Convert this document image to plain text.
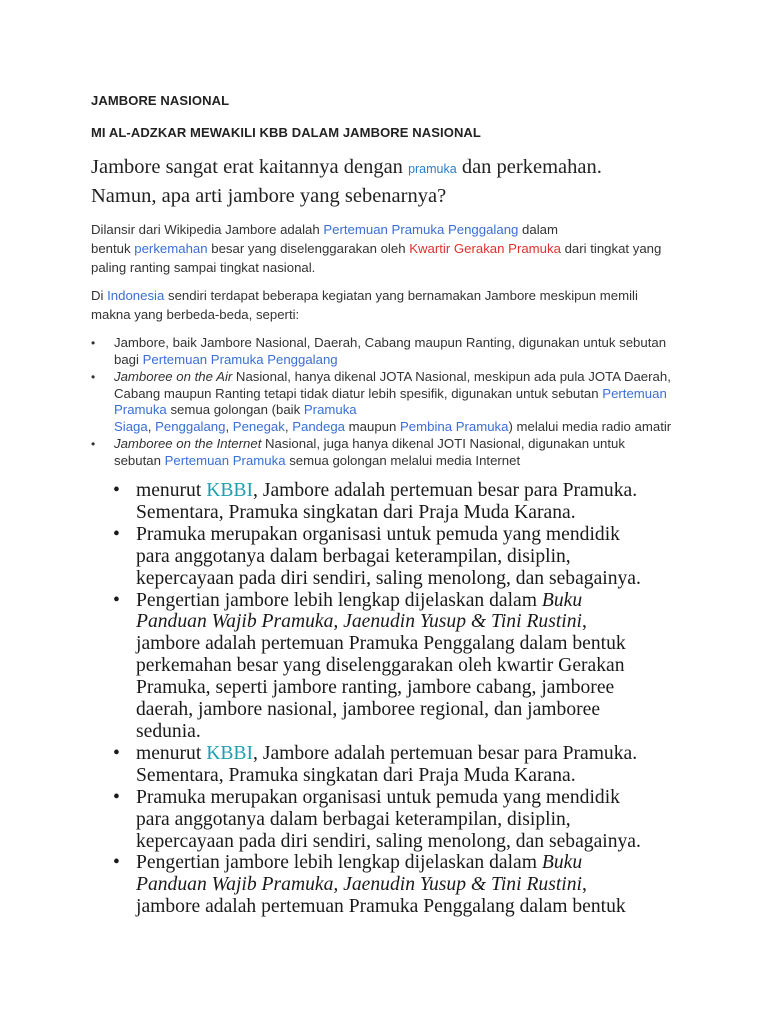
JAMBORE NASIONAL
MI AL-ADZKAR MEWAKILI KBB DALAM JAMBORE NASIONAL
Jambore sangat erat kaitannya dengan pramuka dan perkemahan.
Namun, apa arti jambore yang sebenarnya?
Dilansir dari Wikipedia Jambore adalah Pertemuan Pramuka Penggalang dalam
bentuk perkemahan besar yang diselenggarakan oleh Kwartir Gerakan Pramuka dari tingkat yang
paling ranting sampai tingkat nasional.
Di Indonesia sendiri terdapat beberapa kegiatan yang bernamakan Jambore meskipun memili
makna yang berbeda-beda, seperti:
• Jambore, baik Jambore Nasional, Daerah, Cabang maupun Ranting, digunakan untuk sebutan
bagi Pertemuan Pramuka Penggalang
• Jamboree on the Air Nasional, hanya dikenal JOTA Nasional, meskipun ada pula JOTA Daerah,
Cabang maupun Ranting tetapi tidak diatur lebih spesifik, digunakan untuk sebutan Pertemuan
Pramuka semua golongan (baik Pramuka
Siaga, Penggalang, Penegak, Pandega maupun Pembina Pramuka) melalui media radio amatir
• Jamboree on the Internet Nasional, juga hanya dikenal JOTI Nasional, digunakan untuk
sebutan Pertemuan Pramuka semua golongan melalui media Internet
• menurut KBBI, Jambore adalah pertemuan besar para Pramuka.
Sementara, Pramuka singkatan dari Praja Muda Karana.
• Pramuka merupakan organisasi untuk pemuda yang mendidik
para anggotanya dalam berbagai keterampilan, disiplin,
kepercayaan pada diri sendiri, saling menolong, dan sebagainya.
• Pengertian jambore lebih lengkap dijelaskan dalam Buku
Panduan Wajib Pramuka, Jaenudin Yusup & Tini Rustini,
jambore adalah pertemuan Pramuka Penggalang dalam bentuk
perkemahan besar yang diselenggarakan oleh kwartir Gerakan
Pramuka, seperti jambore ranting, jambore cabang, jamboree
daerah, jambore nasional, jamboree regional, dan jamboree
sedunia.
• menurut KBBI, Jambore adalah pertemuan besar para Pramuka.
Sementara, Pramuka singkatan dari Praja Muda Karana.
• Pramuka merupakan organisasi untuk pemuda yang mendidik
para anggotanya dalam berbagai keterampilan, disiplin,
kepercayaan pada diri sendiri, saling menolong, dan sebagainya.
• Pengertian jambore lebih lengkap dijelaskan dalam Buku
Panduan Wajib Pramuka, Jaenudin Yusup & Tini Rustini,
jambore adalah pertemuan Pramuka Penggalang dalam bentuk
